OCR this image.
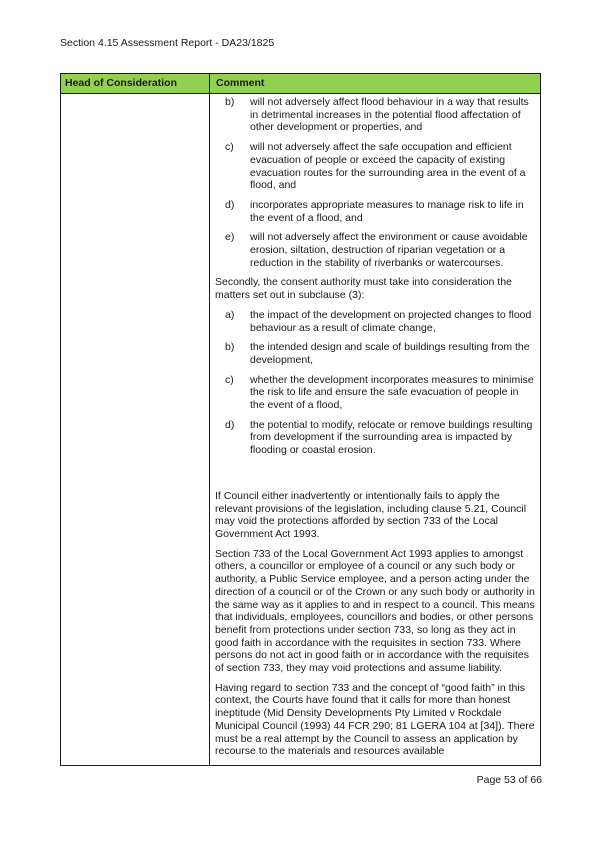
Section 4.15 Assessment Report - DA23/1825
Head of Consideration	Comment
b) will not adversely affect flood behaviour in a way that results in detrimental increases in the potential flood affectation of other development or properties, and
c) will not adversely affect the safe occupation and efficient evacuation of people or exceed the capacity of existing evacuation routes for the surrounding area in the event of a flood, and
d) incorporates appropriate measures to manage risk to life in the event of a flood, and
e) will not adversely affect the environment or cause avoidable erosion, siltation, destruction of riparian vegetation or a reduction in the stability of riverbanks or watercourses.
Secondly, the consent authority must take into consideration the matters set out in subclause (3):
a) the impact of the development on projected changes to flood behaviour as a result of climate change,
b) the intended design and scale of buildings resulting from the development,
c) whether the development incorporates measures to minimise the risk to life and ensure the safe evacuation of people in the event of a flood,
d) the potential to modify, relocate or remove buildings resulting from development if the surrounding area is impacted by flooding or coastal erosion.
If Council either inadvertently or intentionally fails to apply the relevant provisions of the legislation, including clause 5.21, Council may void the protections afforded by section 733 of the Local Government Act 1993.
Section 733 of the Local Government Act 1993 applies to amongst others, a councillor or employee of a council or any such body or authority, a Public Service employee, and a person acting under the direction of a council or of the Crown or any such body or authority in the same way as it applies to and in respect to a council. This means that individuals, employees, councillors and bodies, or other persons benefit from protections under section 733, so long as they act in good faith in accordance with the requisites in section 733. Where persons do not act in good faith or in accordance with the requisites of section 733, they may void protections and assume liability.
Having regard to section 733 and the concept of “good faith” in this context, the Courts have found that it calls for more than honest ineptitude (Mid Density Developments Pty Limited v Rockdale Municipal Council (1993) 44 FCR 290; 81 LGERA 104 at [34]). There must be a real attempt by the Council to assess an application by recourse to the materials and resources available
Page 53 of 66
